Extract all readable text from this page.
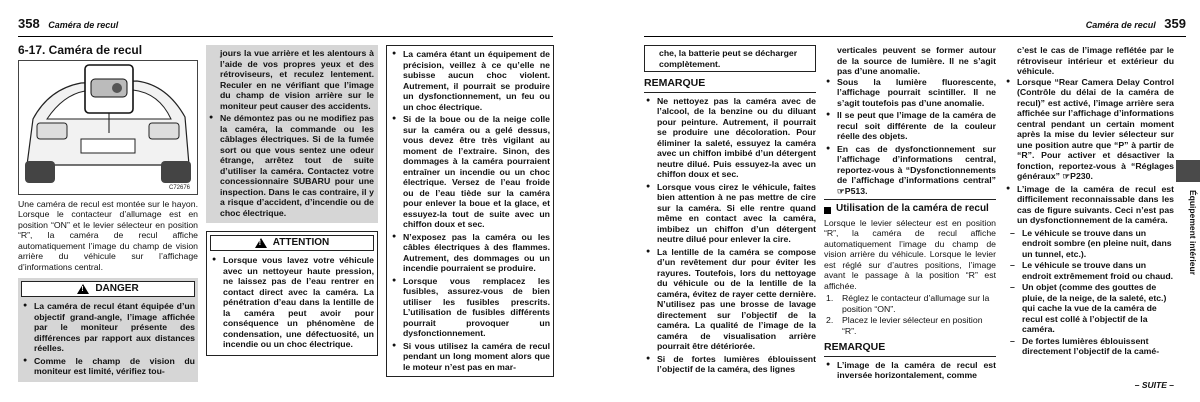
358 Caméra de recul
6-17. Caméra de recul
C72676

Une caméra de recul est montée sur le hayon. Lorsque le contacteur d’allumage est en position “ON” et le levier sélecteur en position “R”, la caméra de recul affiche automatiquement l’image du champ de vision arrière du véhicule sur l’affichage d’informations central.

! DANGER
● La caméra de recul étant équipée d’un objectif grand-angle, l’image affichée par le moniteur présente des différences par rapport aux distances réelles.
● Comme le champ de vision du moniteur est limité, vérifiez tou-

jours la vue arrière et les alentours à l’aide de vos propres yeux et des rétroviseurs, et reculez lentement. Reculer en ne vérifiant que l’image du champ de vision arrière sur le moniteur peut causer des accidents.

● Ne démontez pas ou ne modifiez pas la caméra, la commande ou les câblages électriques. Si de la fumée sort ou que vous sentez une odeur étrange, arrêtez tout de suite d’utiliser la caméra. Contactez votre concessionnaire SUBARU pour une inspection. Dans le cas contraire, il y a risque d’accident, d’incendie ou de choc électrique.
! ATTENTION
● Lorsque vous lavez votre véhicule avec un nettoyeur haute pression, ne laissez pas de l’eau rentrer en contact direct avec la caméra. La pénétration d’eau dans la lentille de la caméra peut avoir pour conséquence un phénomène de condensation, une défectuosité, un incendie ou un choc électrique.
● La caméra étant un équipement de précision, veillez à ce qu’elle ne subisse aucun choc violent. Autrement, il pourrait se produire un dysfonctionnement, un feu ou un choc électrique.
● Si de la boue ou de la neige colle sur la caméra ou a gelé dessus, vous devez être très vigilant au moment de l’extraire. Sinon, des dommages à la caméra pourraient entraîner un incendie ou un choc électrique. Versez de l’eau froide ou de l’eau tiède sur la caméra pour enlever la boue et la glace, et essuyez-la tout de suite avec un chiffon doux et sec.
● N’exposez pas la caméra ou les câbles électriques à des flammes. Autrement, des dommages ou un incendie pourraient se produire.
● Lorsque vous remplacez les fusibles, assurez-vous de bien utiliser les fusibles prescrits. L’utilisation de fusibles différents pourrait provoquer un dysfonctionnement.
● Si vous utilisez la caméra de recul pendant un long moment alors que le moteur n’est pas en mar-
Caméra de recul 359

che, la batterie peut se décharger complètement.

REMARQUE
● Ne nettoyez pas la caméra avec de l’alcool, de la benzine ou du diluant pour peinture. Autrement, il pourrait se produire une décoloration. Pour éliminer la saleté, essuyez la caméra avec un chiffon imbibé d’un détergent neutre dilué. Puis essuyez-la avec un chiffon doux et sec.
● Lorsque vous cirez le véhicule, faites bien attention à ne pas mettre de cire sur la caméra. Si elle rentre quand même en contact avec la caméra, imbibez un chiffon d’un détergent neutre dilué pour enlever la cire.
● La lentille de la caméra se compose d’un revêtement dur pour éviter les rayures. Toutefois, lors du nettoyage du véhicule ou de la lentille de la caméra, évitez de rayer cette dernière. N’utilisez pas une brosse de lavage directement sur l’objectif de la caméra. La qualité de l’image de la caméra de visualisation arrière pourrait être détériorée.
● Si de fortes lumières éblouissent l’objectif de la caméra, des lignes

verticales peuvent se former autour de la source de lumière. Il ne s’agit pas d’une anomalie.

● Sous la lumière fluorescente, l’affichage pourrait scintiller. Il ne s’agit toutefois pas d’une anomalie.
● Il se peut que l’image de la caméra de recul soit différente de la couleur réelle des objets.
● En cas de dysfonctionnement sur l’affichage d’informations central, reportez-vous à “Dysfonctionnements de l’affichage d’informations central” ☞P513.
Utilisation de la caméra de recul

Lorsque le levier sélecteur est en position “R”, la caméra de recul affiche automatiquement l’image du champ de vision arrière du véhicule. Lorsque le levier est réglé sur d’autres positions, l’image avant le passage à la position “R” est affichée.

1. Réglez le contacteur d’allumage sur la position “ON”.
2. Placez le levier sélecteur en position “R”.
REMARQUE
● L’image de la caméra de recul est inversée horizontalement, comme

c’est le cas de l’image reflétée par le rétroviseur intérieur et extérieur du véhicule.

● Lorsque “Rear Camera Delay Control (Contrôle du délai de la caméra de recul)” est activé, l’image arrière sera affichée sur l’affichage d’informations central pendant un certain moment après la mise du levier sélecteur sur une position autre que “P” à partir de “R”. Pour activer et désactiver la fonction, reportez-vous à “Réglages généraux” ☞P230.
● L’image de la caméra de recul est difficilement reconnaissable dans les cas de figure suivants. Ceci n’est pas un dysfonctionnement de la caméra.
– Le véhicule se trouve dans un endroit sombre (en pleine nuit, dans un tunnel, etc.).
– Le véhicule se trouve dans un endroit extrêmement froid ou chaud.
– Un objet (comme des gouttes de pluie, de la neige, de la saleté, etc.) qui cache la vue de la caméra de recul est collé à l’objectif de la caméra.
– De fortes lumières éblouissent directement l’objectif de la camé-
– SUITE –
Équipement intérieur
